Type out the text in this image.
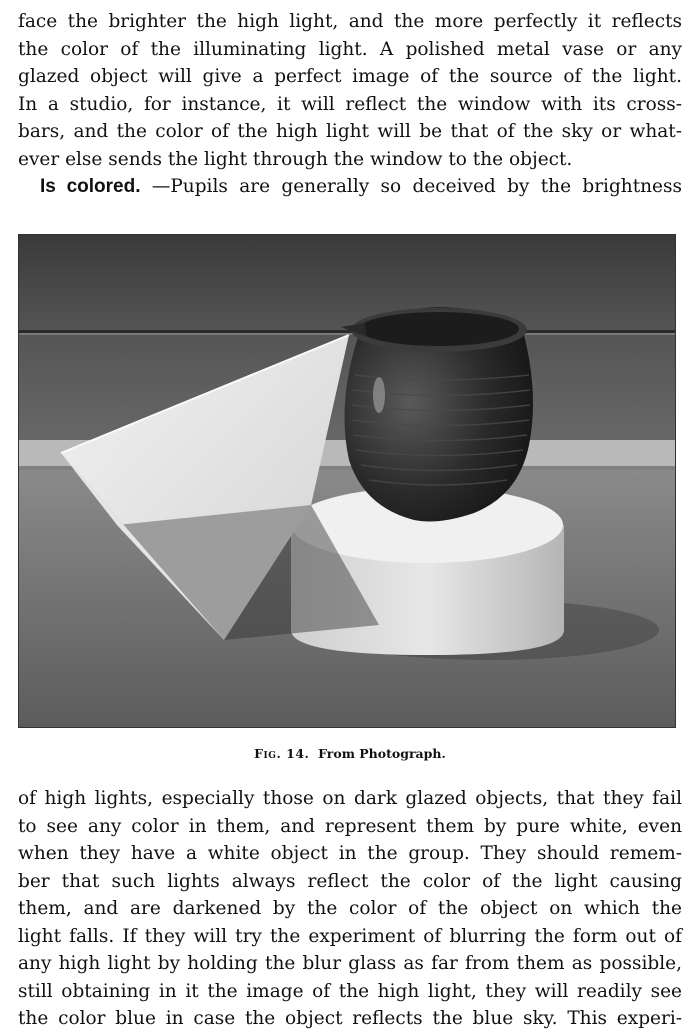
face the brighter the high light, and the more perfectly it reflects
the color of the illuminating light. A polished metal vase or any
glazed object will give a perfect image of the source of the light.
In a studio, for instance, it will reflect the window with its cross-
bars, and the color of the high light will be that of the sky or what-
ever else sends the light through the window to the object.
Is colored. —Pupils are generally so deceived by the brightness
Fig. 14. From Photograph.
of high lights, especially those on dark glazed objects, that they fail
to see any color in them, and represent them by pure white, even
when they have a white object in the group. They should remem-
ber that such lights always reflect the color of the light causing
them, and are darkened by the color of the object on which the
light falls. If they will try the experiment of blurring the form out of
any high light by holding the blur glass as far from them as possible,
still obtaining in it the image of the high light, they will readily see
the color blue in case the object reflects the blue sky. This experi-
